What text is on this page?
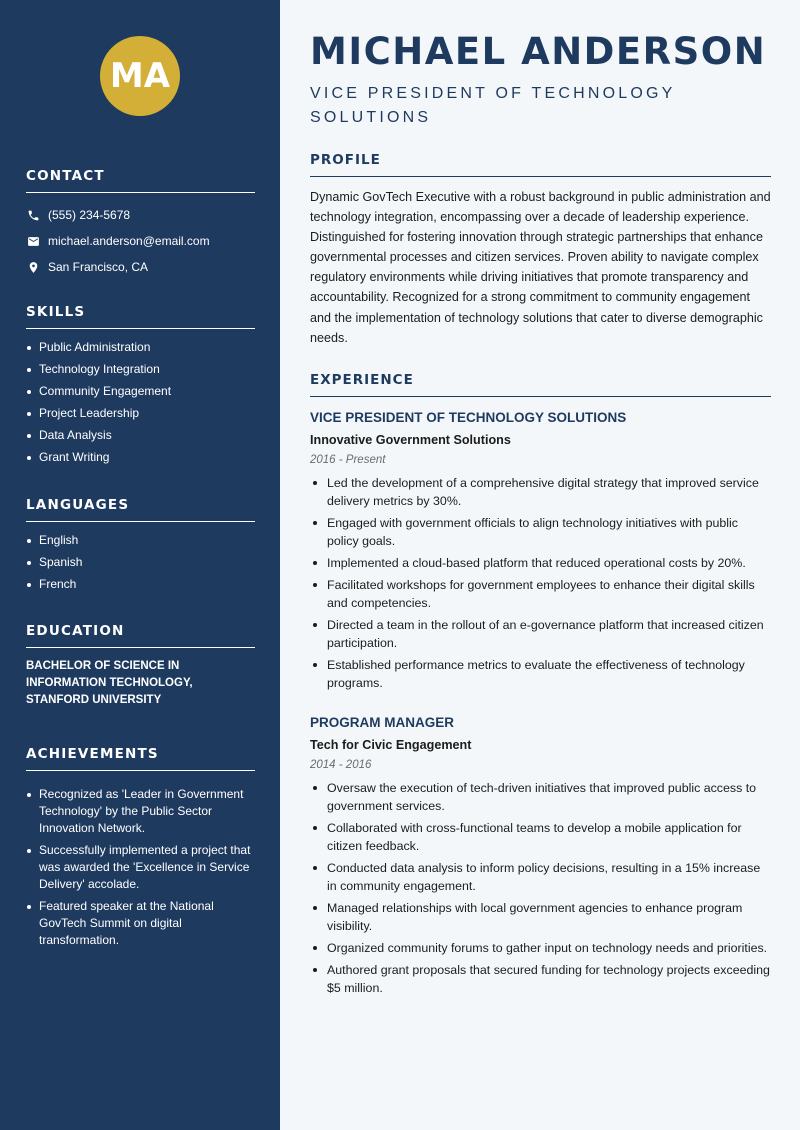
MA
CONTACT
(555) 234-5678
michael.anderson@email.com
San Francisco, CA
SKILLS
Public Administration
Technology Integration
Community Engagement
Project Leadership
Data Analysis
Grant Writing
LANGUAGES
English
Spanish
French
EDUCATION
BACHELOR OF SCIENCE IN INFORMATION TECHNOLOGY, STANFORD UNIVERSITY
ACHIEVEMENTS
Recognized as 'Leader in Government Technology' by the Public Sector Innovation Network.
Successfully implemented a project that was awarded the 'Excellence in Service Delivery' accolade.
Featured speaker at the National GovTech Summit on digital transformation.
MICHAEL ANDERSON
VICE PRESIDENT OF TECHNOLOGY SOLUTIONS
PROFILE
Dynamic GovTech Executive with a robust background in public administration and technology integration, encompassing over a decade of leadership experience. Distinguished for fostering innovation through strategic partnerships that enhance governmental processes and citizen services. Proven ability to navigate complex regulatory environments while driving initiatives that promote transparency and accountability. Recognized for a strong commitment to community engagement and the implementation of technology solutions that cater to diverse demographic needs.
EXPERIENCE
VICE PRESIDENT OF TECHNOLOGY SOLUTIONS
Innovative Government Solutions
2016 - Present
Led the development of a comprehensive digital strategy that improved service delivery metrics by 30%.
Engaged with government officials to align technology initiatives with public policy goals.
Implemented a cloud-based platform that reduced operational costs by 20%.
Facilitated workshops for government employees to enhance their digital skills and competencies.
Directed a team in the rollout of an e-governance platform that increased citizen participation.
Established performance metrics to evaluate the effectiveness of technology programs.
PROGRAM MANAGER
Tech for Civic Engagement
2014 - 2016
Oversaw the execution of tech-driven initiatives that improved public access to government services.
Collaborated with cross-functional teams to develop a mobile application for citizen feedback.
Conducted data analysis to inform policy decisions, resulting in a 15% increase in community engagement.
Managed relationships with local government agencies to enhance program visibility.
Organized community forums to gather input on technology needs and priorities.
Authored grant proposals that secured funding for technology projects exceeding $5 million.
